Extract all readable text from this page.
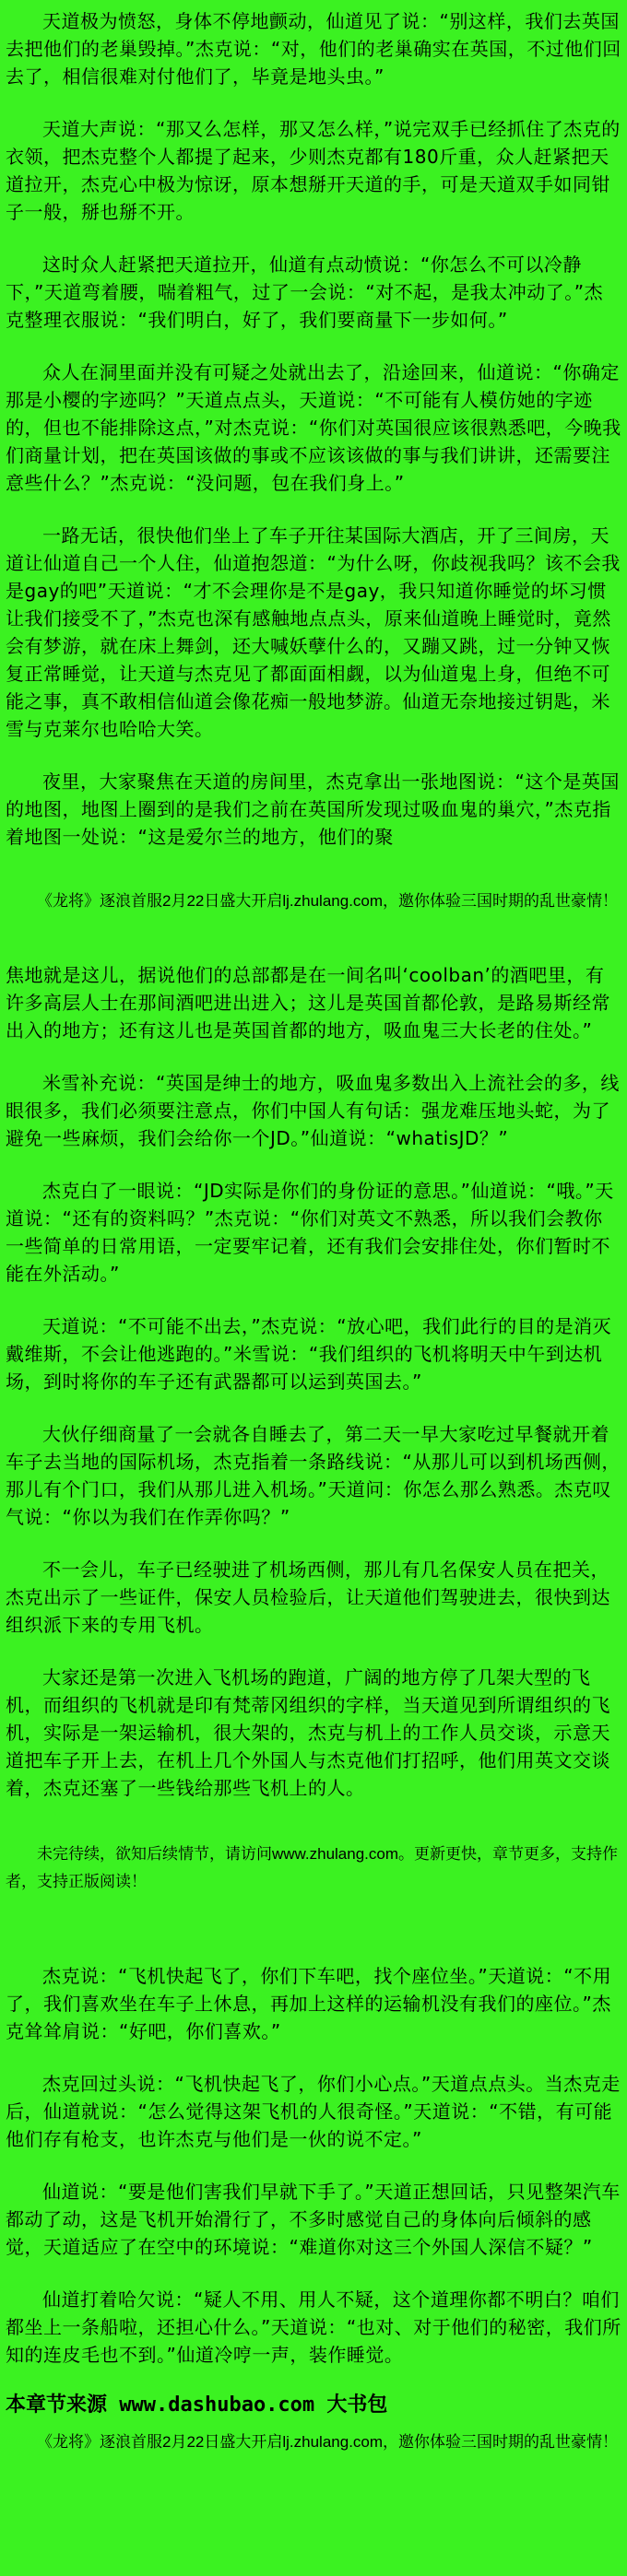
天道极为愤怒，身体不停地颤动，仙道见了说：“别这样，我们去英国去把他们的老巢毁掉。”杰克说：“对，他们的老巢确实在英国，不过他们回去了，相信很难对付他们了，毕竟是地头虫。”

天道大声说：“那又么怎样，那又怎么样，”说完双手已经抓住了杰克的衣领，把杰克整个人都提了起来，少则杰克都有180斤重，众人赶紧把天道拉开，杰克心中极为惊讶，原本想掰开天道的手，可是天道双手如同钳子一般，掰也掰不开。

这时众人赶紧把天道拉开，仙道有点动愤说：“你怎么不可以冷静下，”天道弯着腰，喘着粗气，过了一会说：“对不起，是我太冲动了。”杰克整理衣服说：“我们明白，好了，我们要商量下一步如何。”

众人在洞里面并没有可疑之处就出去了，沿途回来，仙道说：“你确定那是小樱的字迹吗？”天道点点头，天道说：“不可能有人模仿她的字迹的，但也不能排除这点，”对杰克说：“你们对英国很应该很熟悉吧，今晚我们商量计划，把在英国该做的事或不应该该做的事与我们讲讲，还需要注意些什么？”杰克说：“没问题，包在我们身上。”

一路无话，很快他们坐上了车子开往某国际大酒店，开了三间房，天道让仙道自己一个人住，仙道抱怨道：“为什么呀，你歧视我吗？该不会我是gay的吧”天道说：“才不会理你是不是gay，我只知道你睡觉的坏习惯让我们接受不了，”杰克也深有感触地点点头，原来仙道晚上睡觉时，竟然会有梦游，就在床上舞剑，还大喊妖孽什么的，又蹦又跳，过一分钟又恢复正常睡觉，让天道与杰克见了都面面相觑，以为仙道鬼上身，但绝不可能之事，真不敢相信仙道会像花痴一般地梦游。仙道无奈地接过钥匙，米雪与克莱尔也哈哈大笑。

夜里，大家聚焦在天道的房间里，杰克拿出一张地图说：“这个是英国的地图，地图上圈到的是我们之前在英国所发现过吸血鬼的巢穴，”杰克指着地图一处说：“这是爱尔兰的地方，他们的聚

《龙将》逐浪首服2月22日盛大开启lj.zhulang.com，邀你体验三国时期的乱世豪情！

焦地就是这儿，据说他们的总部都是在一间名叫‘coolban’的酒吧里，有许多高层人士在那间酒吧进出进入；这儿是英国首都伦敦，是路易斯经常出入的地方；还有这儿也是英国首都的地方，吸血鬼三大长老的住处。”

米雪补充说：“英国是绅士的地方，吸血鬼多数出入上流社会的多，线眼很多，我们必须要注意点，你们中国人有句话：强龙难压地头蛇，为了避免一些麻烦，我们会给你一个JD。”仙道说：“whatisJD？”

杰克白了一眼说：“JD实际是你们的身份证的意思。”仙道说：“哦。”天道说：“还有的资料吗？”杰克说：“你们对英文不熟悉，所以我们会教你一些简单的日常用语，一定要牢记着，还有我们会安排住处，你们暂时不能在外活动。”

天道说：“不可能不出去，”杰克说：“放心吧，我们此行的目的是消灭戴维斯，不会让他逃跑的。”米雪说：“我们组织的飞机将明天中午到达机场，到时将你的车子还有武器都可以运到英国去。”

大伙仔细商量了一会就各自睡去了，第二天一早大家吃过早餐就开着车子去当地的国际机场，杰克指着一条路线说：“从那儿可以到机场西侧，那儿有个门口，我们从那儿进入机场。”天道问：你怎么那么熟悉。杰克叹气说：“你以为我们在作弄你吗？”

不一会儿，车子已经驶进了机场西侧，那儿有几名保安人员在把关，杰克出示了一些证件，保安人员检验后，让天道他们驾驶进去，很快到达组织派下来的专用飞机。

大家还是第一次进入飞机场的跑道，广阔的地方停了几架大型的飞机，而组织的飞机就是印有梵蒂冈组织的字样，当天道见到所谓组织的飞机，实际是一架运输机，很大架的，杰克与机上的工作人员交谈，示意天道把车子开上去，在机上几个外国人与杰克他们打招呼，他们用英文交谈着，杰克还塞了一些钱给那些飞机上的人。

未完待续，欲知后续情节，请访问www.zhulang.com。更新更快，章节更多，支持作者，支持正版阅读！

杰克说：“飞机快起飞了，你们下车吧，找个座位坐。”天道说：“不用了，我们喜欢坐在车子上休息，再加上这样的运输机没有我们的座位。”杰克耸耸肩说：“好吧，你们喜欢。”

杰克回过头说：“飞机快起飞了，你们小心点。”天道点点头。当杰克走后，仙道就说：“怎么觉得这架飞机的人很奇怪。”天道说：“不错，有可能他们存有枪支，也许杰克与他们是一伙的说不定。”

仙道说：“要是他们害我们早就下手了。”天道正想回话，只见整架汽车都动了动，这是飞机开始滑行了，不多时感觉自己的身体向后倾斜的感觉，天道适应了在空中的环境说：“难道你对这三个外国人深信不疑？”

仙道打着哈欠说：“疑人不用、用人不疑，这个道理你都不明白？咱们都坐上一条船啦，还担心什么。”天道说：“也对、对于他们的秘密，我们所知的连皮毛也不到。”仙道冷哼一声，装作睡觉。

本章节来源 www.dashubao.com 大书包

《龙将》逐浪首服2月22日盛大开启lj.zhulang.com，邀你体验三国时期的乱世豪情！
